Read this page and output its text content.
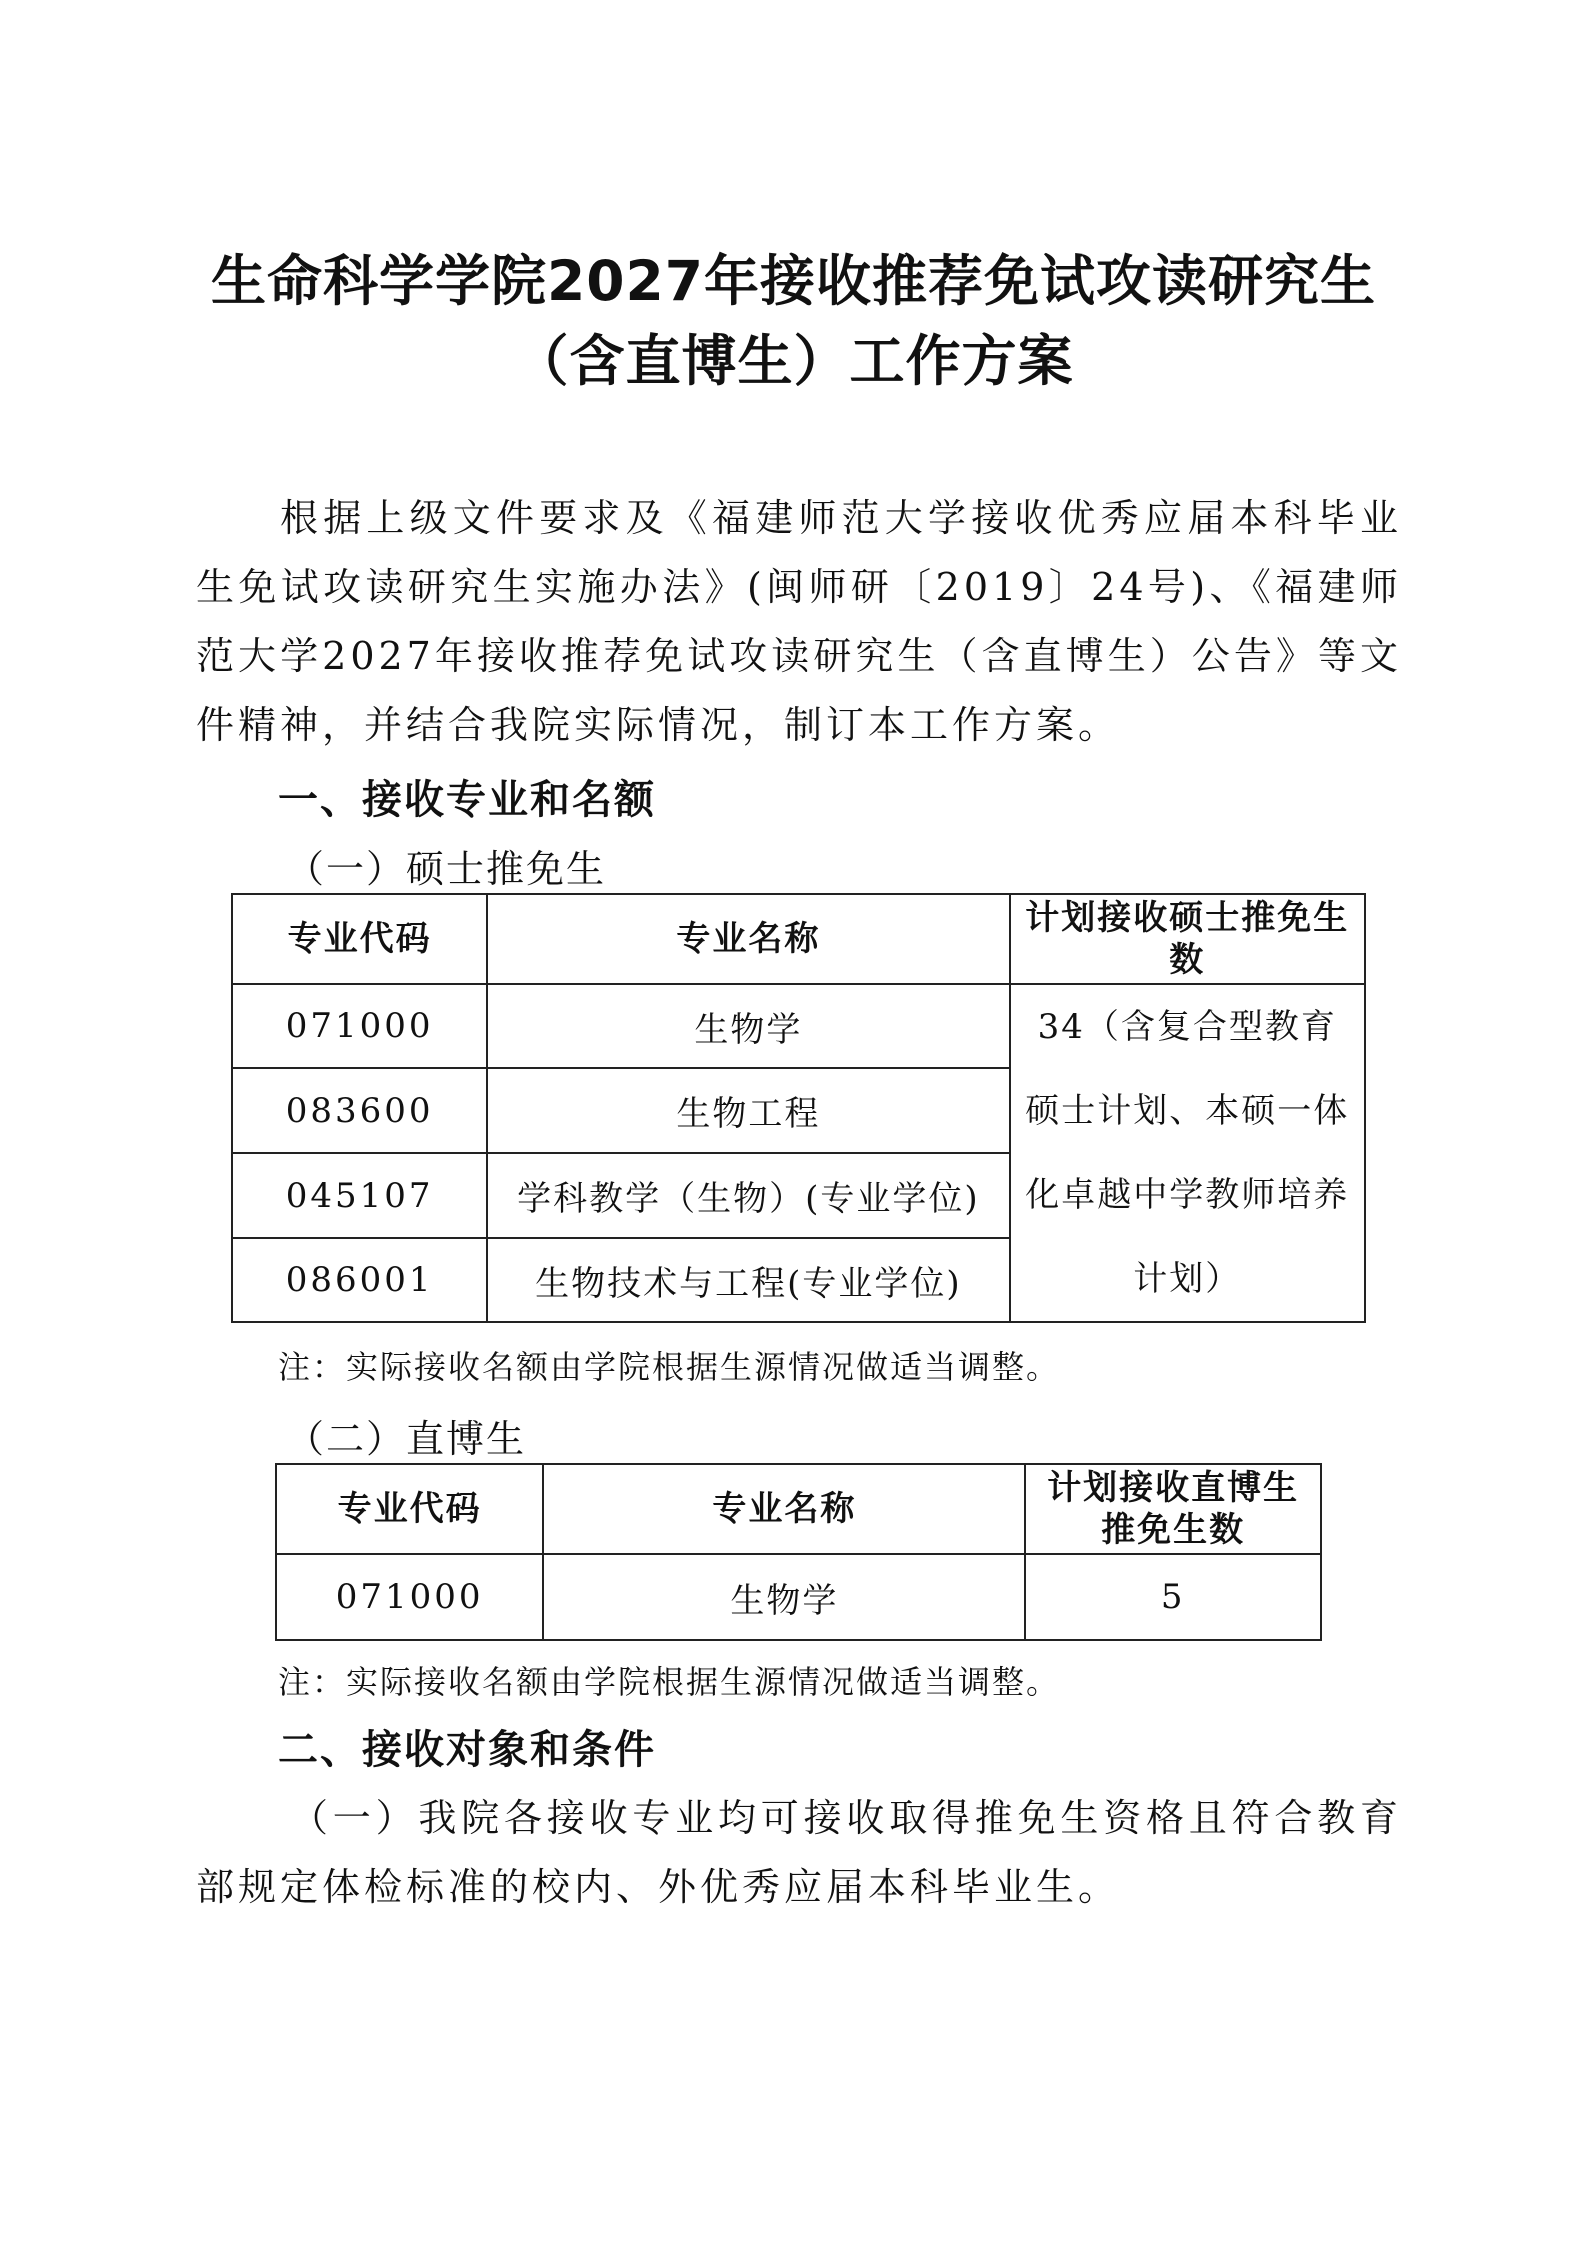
生命科学学院2027年接收推荐免试攻读研究生
（含直博生）工作方案
根据上级文件要求及《福建师范大学接收优秀应届本科毕业生免试攻读研究生实施办法》(闽师研〔2019〕24号)、《福建师范大学2027年接收推荐免试攻读研究生（含直博生）公告》等文件精神，并结合我院实际情况，制订本工作方案。
一、接收专业和名额
（一）硕士推免生
专业代码	专业名称	计划接收硕士推免生数
071000	生物学	34（含复合型教育硕士计划、本硕一体化卓越中学教师培养计划）
083600	生物工程	
045107	学科教学（生物）(专业学位)	
086001	生物技术与工程(专业学位)	
注：实际接收名额由学院根据生源情况做适当调整。
（二）直博生
专业代码	专业名称	计划接收直博生推免生数
071000	生物学	5
注：实际接收名额由学院根据生源情况做适当调整。
二、接收对象和条件
（一）我院各接收专业均可接收取得推免生资格且符合教育部规定体检标准的校内、外优秀应届本科毕业生。
